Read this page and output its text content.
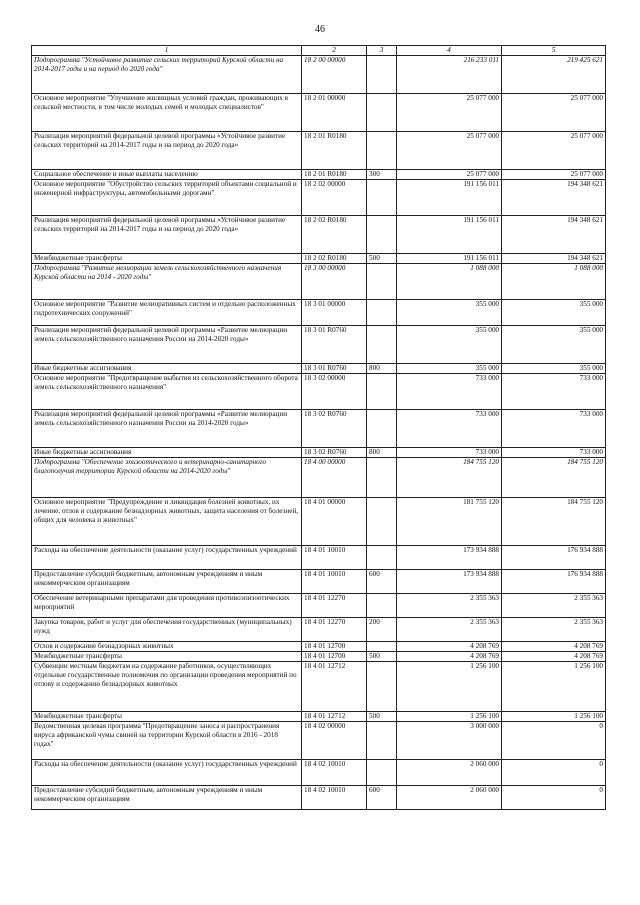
46
1	2	3	4	5
Подпрограмма "Устойчивое развитие сельских территорий Курской области на 2014-2017 годы и на период до 2020 года"	18 2 00 00000		216 233 011	219 425 621
Основное мероприятие "Улучшение жилищных условий граждан, проживающих в сельской местности, в том числе молодых семей и молодых специалистов"	18 2 01 00000		25 077 000	25 077 000
Реализация мероприятий федеральной целевой программы «Устойчивое развитие сельских территорий на 2014-2017 годы и на период до 2020 года»	18 2 01 R0180		25 077 000	25 077 000
Социальное обеспечение и иные выплаты населению	18 2 01 R0180	300	25 077 000	25 077 000
Основное мероприятие "Обустройство сельских территорий объектами социальной и инженерной инфраструктуры, автомобильными дорогами"	18 2 02 00000		191 156 011	194 348 621
Реализация мероприятий федеральной целевой программы «Устойчивое развитие сельских территорий на 2014-2017 годы и на период до 2020 года»	18 2 02 R0180		191 156 011	194 348 621
Межбюджетные трансферты	18 2 02 R0180	500	191 156 011	194 348 621
Подпрограмма "Развитие мелиорации земель сельскохозяйственного назначения Курской области на 2014 - 2020 годы"	18 3 00 00000		1 088 000	1 088 000
Основное мероприятие "Развитие мелиоративных систем и отдельно расположенных гидротехнических сооружений"	18 3 01 00000		355 000	355 000
Реализация мероприятий федеральной целевой программы «Развитие мелиорации земель сельскохозяйственного назначения России на 2014-2020 годы»	18 3 01 R0760		355 000	355 000
Иные бюджетные ассигнования	18 3 01 R0760	800	355 000	355 000
Основное мероприятие "Предотвращение выбытия из сельскохозяйственного оборота земель сельскохозяйственного назначения"	18 3 02 00000		733 000	733 000
Реализация мероприятий федеральной целевой программы «Развитие мелиорации земель сельскохозяйственного назначения России на 2014-2020 годы»	18 3 02 R0760		733 000	733 000
Иные бюджетные ассигнования	18 3 02 R0760	800	733 000	733 000
Подпрограмма "Обеспечение эпизоотического и ветеринарно-санитарного благополучия территории Курской области на 2014-2020 годы"	18 4 00 00000		184 755 120	184 755 120
Основное мероприятие "Предупреждение и ликвидация болезней животных, их лечение, отлов и содержание безнадзорных животных, защита населения от болезней, общих для человека и животных"	18 4 01 00000		181 755 120	184 755 120
Расходы на обеспечение деятельности (оказание услуг) государственных учреждений	18 4 01 10010		173 934 888	176 934 888
Предоставление субсидий бюджетным, автономным учреждениям и иным некоммерческим организациям	18 4 01 10010	600	173 934 888	176 934 888
Обеспечение ветеринарными препаратами для проведения противоэпизоотических мероприятий	18 4 01 12270		2 355 363	2 355 363
Закупка товаров, работ и услуг для обеспечения государственных (муниципальных) нужд	18 4 01 12270	200	2 355 363	2 355 363
Отлов и содержание безнадзорных животных	18 4 01 12700		4 208 769	4 208 769
Межбюджетные трансферты	18 4 01 12700	500	4 208 769	4 208 769
Субвенции местным бюджетам на содержание работников, осуществляющих отдельные государственные полномочия по организации проведения мероприятий по отлову и содержанию безнадзорных животных	18 4 01 12712		1 256 100	1 256 100
Межбюджетные трансферты	18 4 01 12712	500	1 256 100	1 256 100
Ведомственная целевая программа "Предотвращение заноса и распространения вируса африканской чумы свиней на территории Курской области в 2016 - 2018 годах"	18 4 02 00000		3 000 000	0
Расходы на обеспечение деятельности (оказание услуг) государственных учреждений	18 4 02 10010		2 060 000	0
Предоставление субсидий бюджетным, автономным учреждениям и иным некоммерческим организациям	18 4 02 10010	600	2 060 000	0
